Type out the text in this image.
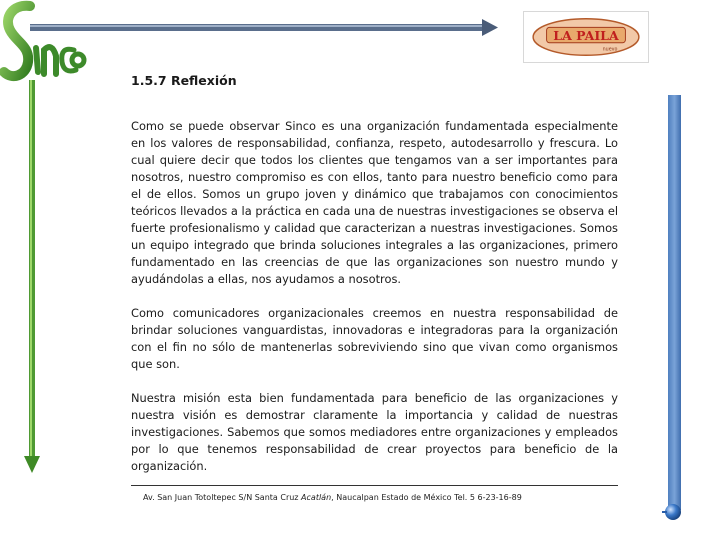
LA PAILA
nuevo
1.5.7 Reflexión

Como se puede observar Sinco es una organización fundamentada especialmente en los valores de responsabilidad, confianza, respeto, autodesarrollo y frescura. Lo cual quiere decir que todos los clientes que tengamos van a ser importantes para nosotros, nuestro compromiso es con ellos, tanto para nuestro beneficio como para el de ellos. Somos un grupo joven y dinámico que trabajamos con conocimientos teóricos llevados a la práctica en cada una de nuestras investigaciones se observa el fuerte profesionalismo y calidad que caracterizan a nuestras investigaciones. Somos un equipo integrado que brinda soluciones integrales a las organizaciones, primero fundamentado en las creencias de que las organizaciones son nuestro mundo y ayudándolas a ellas, nos ayudamos a nosotros.

Como comunicadores organizacionales creemos en nuestra responsabilidad de brindar soluciones vanguardistas, innovadoras e integradoras para la organización con el fin no sólo de mantenerlas sobreviviendo sino que vivan como organismos que son.

Nuestra misión esta bien fundamentada para beneficio de las organizaciones y nuestra visión es demostrar claramente la importancia y calidad de nuestras investigaciones. Sabemos que somos mediadores entre organizaciones y empleados por lo que tenemos responsabilidad de crear proyectos para beneficio de la organización.

Av. San Juan Totoltepec S/N Santa Cruz Acatlán, Naucalpan Estado de México Tel. 5 6-23-16-89
